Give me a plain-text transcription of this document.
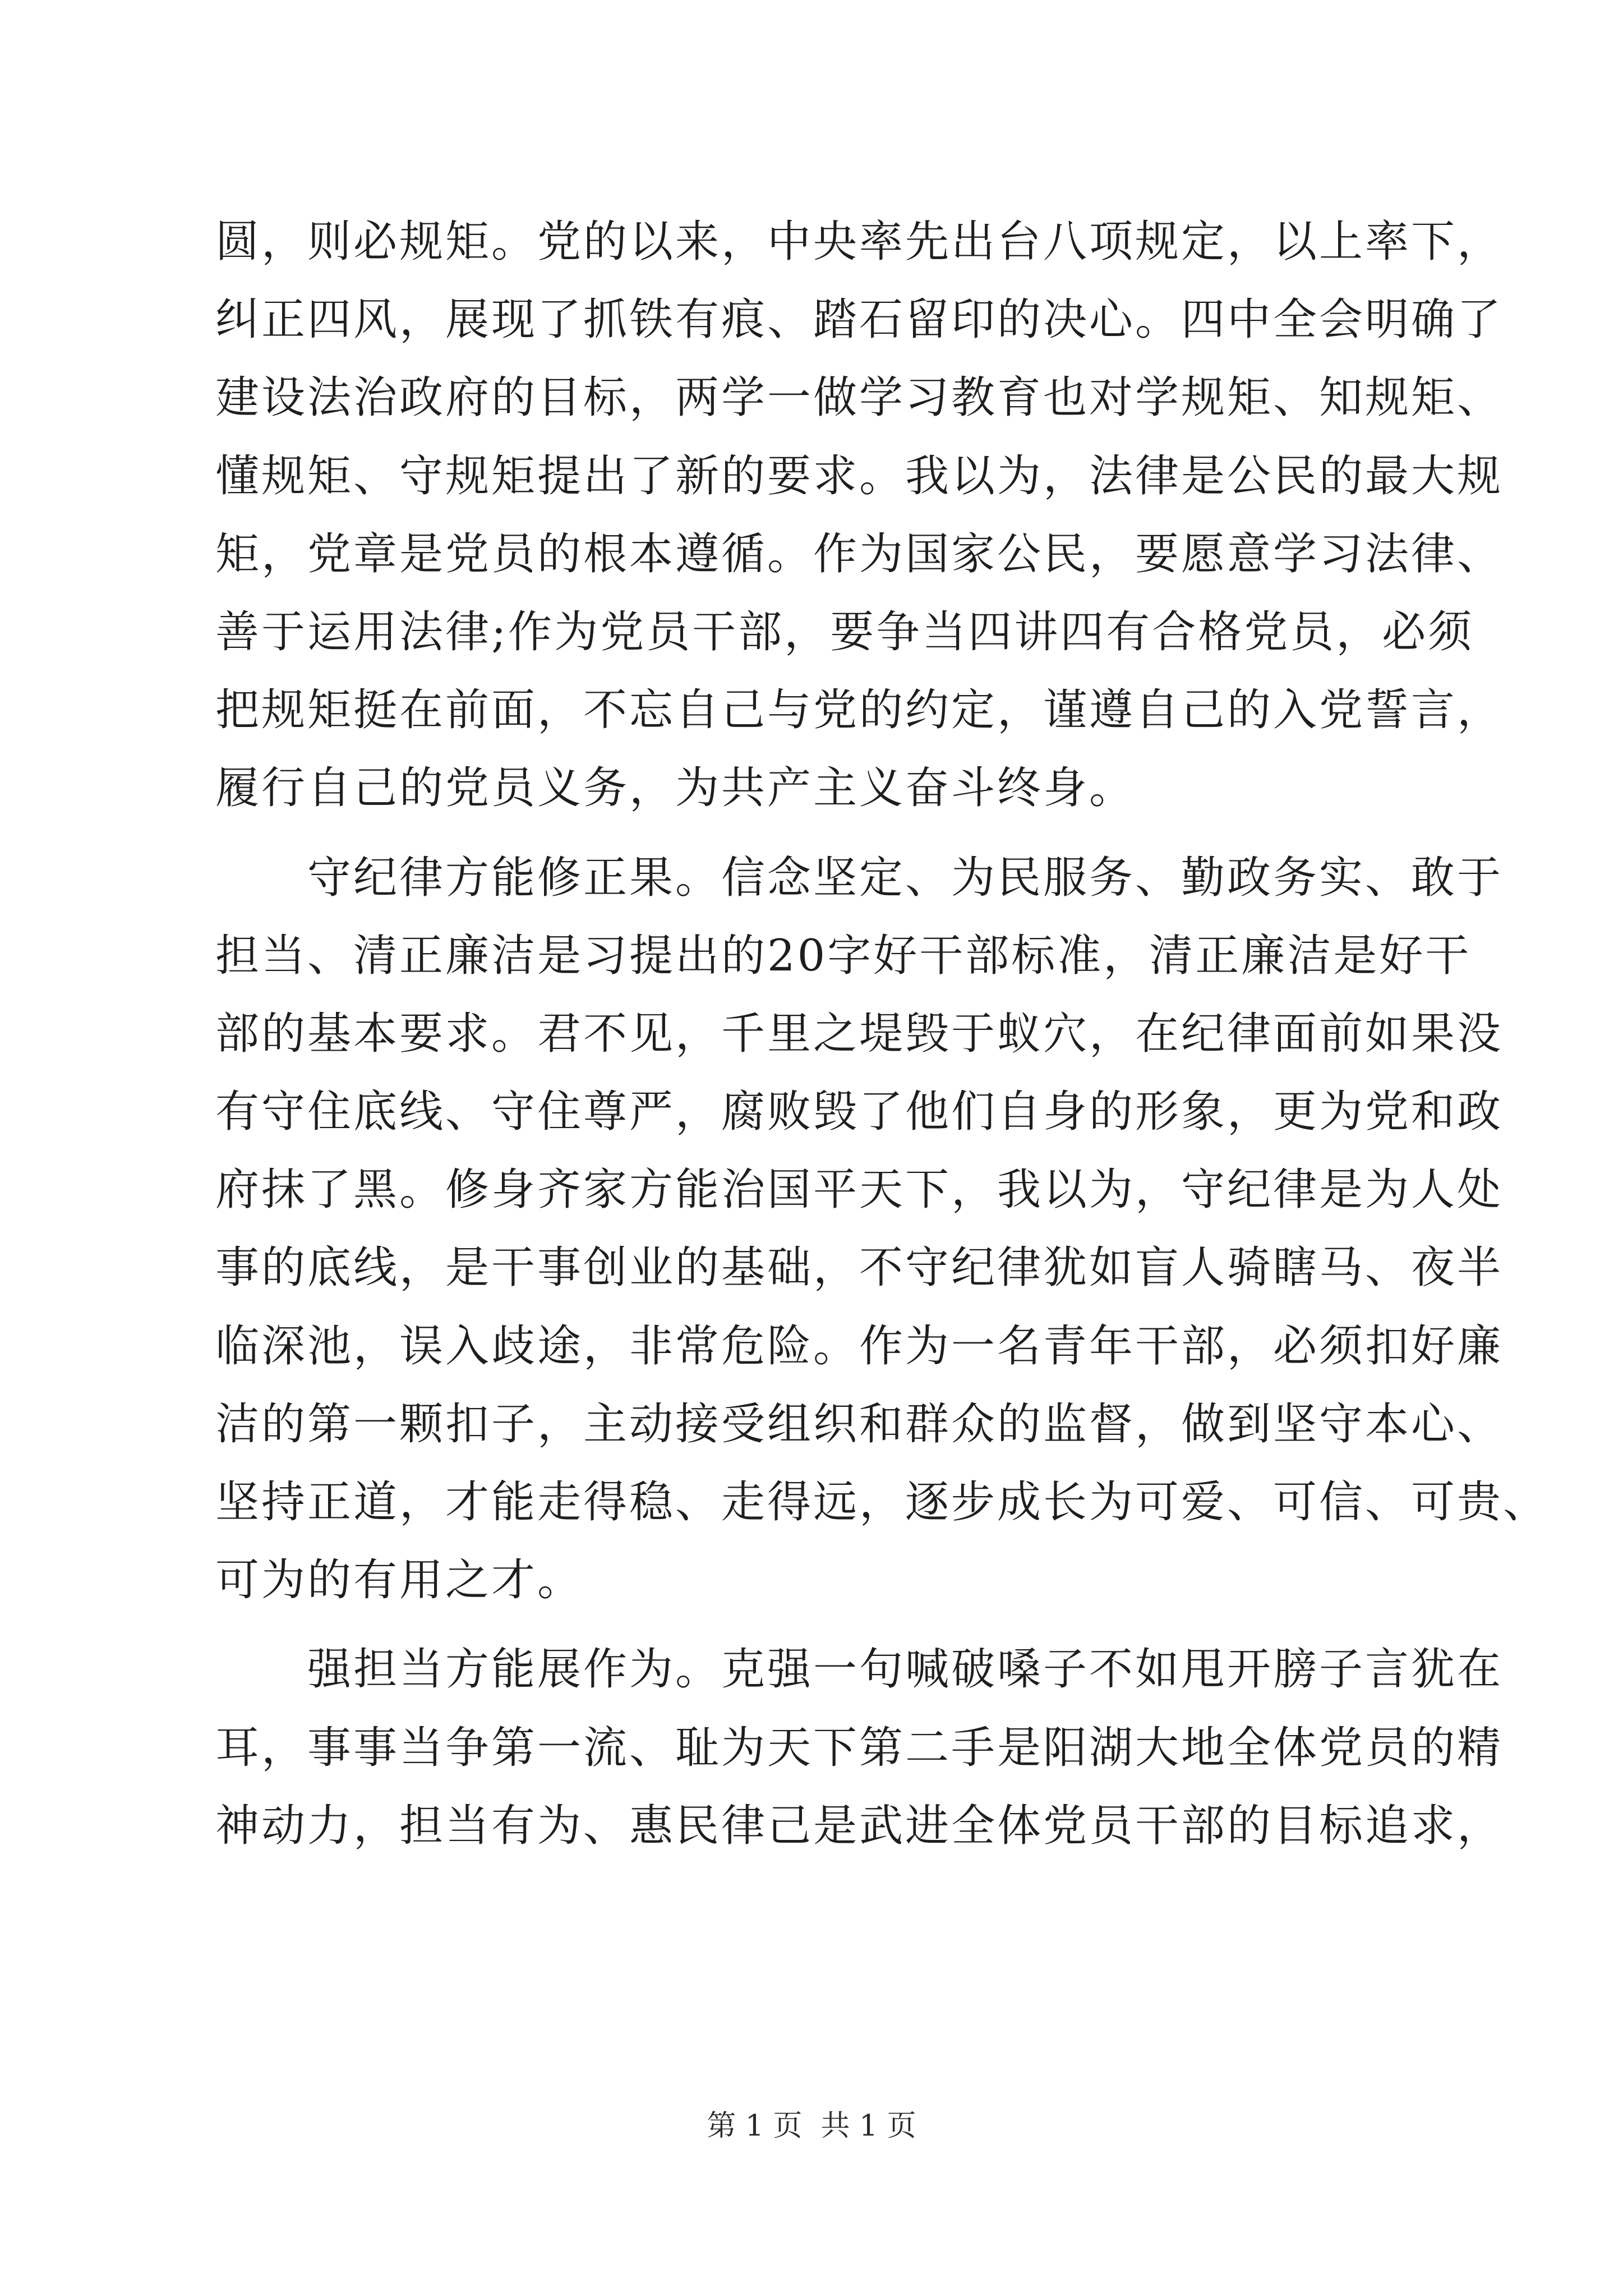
圆，则必规矩。党的以来，中央率先出台八项规定，以上率下，
纠正四风，展现了抓铁有痕、踏石留印的决心。四中全会明确了
建设法治政府的目标，两学一做学习教育也对学规矩、知规矩、
懂规矩、守规矩提出了新的要求。我以为，法律是公民的最大规
矩，党章是党员的根本遵循。作为国家公民，要愿意学习法律、
善于运用法律;作为党员干部，要争当四讲四有合格党员，必须
把规矩挺在前面，不忘自己与党的约定，谨遵自己的入党誓言，
履行自己的党员义务，为共产主义奋斗终身。

　　守纪律方能修正果。信念坚定、为民服务、勤政务实、敢于
担当、清正廉洁是习提出的20字好干部标准，清正廉洁是好干
部的基本要求。君不见，千里之堤毁于蚁穴，在纪律面前如果没
有守住底线、守住尊严，腐败毁了他们自身的形象，更为党和政
府抹了黑。修身齐家方能治国平天下，我以为，守纪律是为人处
事的底线，是干事创业的基础，不守纪律犹如盲人骑瞎马、夜半
临深池，误入歧途，非常危险。作为一名青年干部，必须扣好廉
洁的第一颗扣子，主动接受组织和群众的监督，做到坚守本心、
坚持正道，才能走得稳、走得远，逐步成长为可爱、可信、可贵、
可为的有用之才。

　　强担当方能展作为。克强一句喊破嗓子不如甩开膀子言犹在
耳，事事当争第一流、耻为天下第二手是阳湖大地全体党员的精
神动力，担当有为、惠民律己是武进全体党员干部的目标追求，

第 1 页  共 1 页
